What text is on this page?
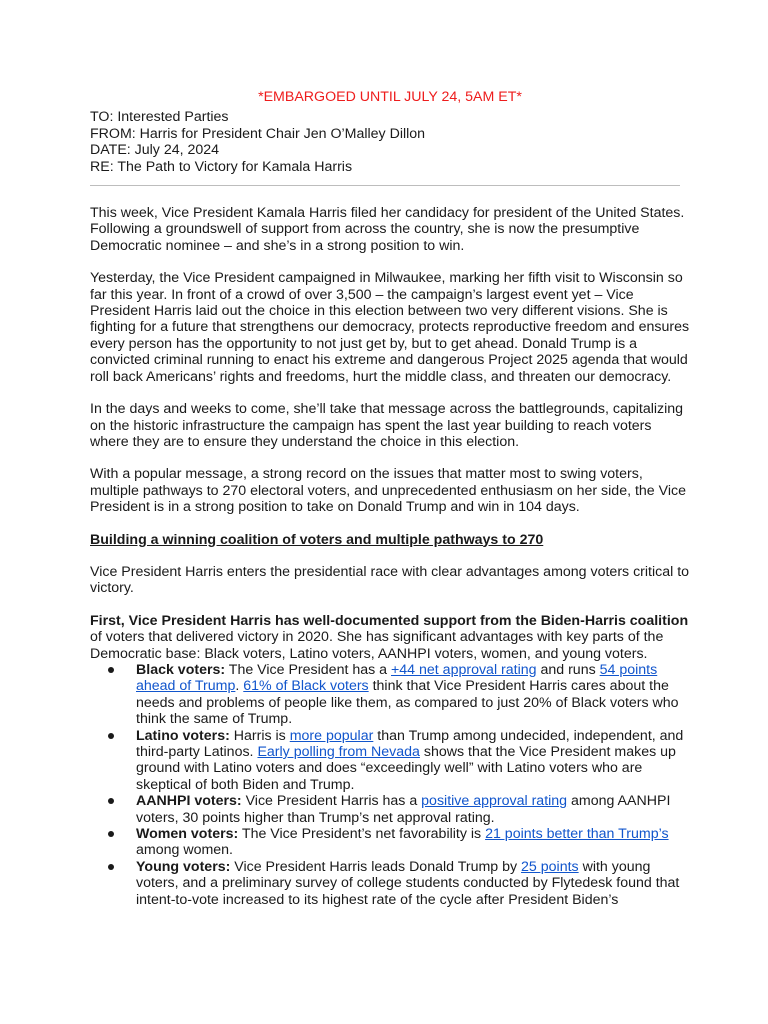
*EMBARGOED UNTIL JULY 24, 5AM ET*

TO: Interested Parties

FROM: Harris for President Chair Jen O’Malley Dillon

DATE: July 24, 2024

RE: The Path to Victory for Kamala Harris

This week, Vice President Kamala Harris filed her candidacy for president of the United States. Following a groundswell of support from across the country, she is now the presumptive Democratic nominee – and she’s in a strong position to win.

Yesterday, the Vice President campaigned in Milwaukee, marking her fifth visit to Wisconsin so far this year. In front of a crowd of over 3,500 – the campaign’s largest event yet – Vice President Harris laid out the choice in this election between two very different visions. She is fighting for a future that strengthens our democracy, protects reproductive freedom and ensures every person has the opportunity to not just get by, but to get ahead. Donald Trump is a convicted criminal running to enact his extreme and dangerous Project 2025 agenda that would roll back Americans’ rights and freedoms, hurt the middle class, and threaten our democracy.

In the days and weeks to come, she’ll take that message across the battlegrounds, capitalizing on the historic infrastructure the campaign has spent the last year building to reach voters where they are to ensure they understand the choice in this election.

With a popular message, a strong record on the issues that matter most to swing voters, multiple pathways to 270 electoral voters, and unprecedented enthusiasm on her side, the Vice President is in a strong position to take on Donald Trump and win in 104 days.

Building a winning coalition of voters and multiple pathways to 270

Vice President Harris enters the presidential race with clear advantages among voters critical to victory.

First, Vice President Harris has well-documented support from the Biden-Harris coalition of voters that delivered victory in 2020. She has significant advantages with key parts of the Democratic base: Black voters, Latino voters, AANHPI voters, women, and young voters.

Black voters: The Vice President has a +44 net approval rating and runs 54 points ahead of Trump. 61% of Black voters think that Vice President Harris cares about the needs and problems of people like them, as compared to just 20% of Black voters who think the same of Trump.
Latino voters: Harris is more popular than Trump among undecided, independent, and third-party Latinos. Early polling from Nevada shows that the Vice President makes up ground with Latino voters and does “exceedingly well” with Latino voters who are skeptical of both Biden and Trump.
AANHPI voters: Vice President Harris has a positive approval rating among AANHPI voters, 30 points higher than Trump’s net approval rating.
Women voters: The Vice President’s net favorability is 21 points better than Trump’s among women.
Young voters: Vice President Harris leads Donald Trump by 25 points with young voters, and a preliminary survey of college students conducted by Flytedesk found that intent-to-vote increased to its highest rate of the cycle after President Biden’s
